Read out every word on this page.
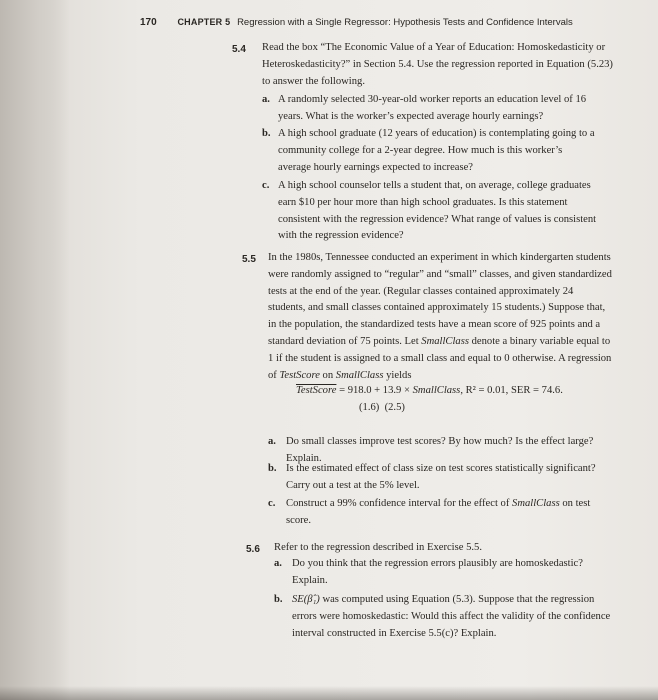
170 CHAPTER 5 Regression with a Single Regressor: Hypothesis Tests and Confidence Intervals
5.4 Read the box “The Economic Value of a Year of Education: Homoskedasticity or Heteroskedasticity?” in Section 5.4. Use the regression reported in Equation (5.23) to answer the following.
a. A randomly selected 30-year-old worker reports an education level of 16 years. What is the worker’s expected average hourly earnings?
b. A high school graduate (12 years of education) is contemplating going to a community college for a 2-year degree. How much is this worker’s average hourly earnings expected to increase?
c. A high school counselor tells a student that, on average, college graduates earn $10 per hour more than high school graduates. Is this statement consistent with the regression evidence? What range of values is consistent with the regression evidence?
5.5 In the 1980s, Tennessee conducted an experiment in which kindergarten students were randomly assigned to “regular” and “small” classes, and given standardized tests at the end of the year. (Regular classes contained approximately 24 students, and small classes contained approximately 15 students.) Suppose that, in the population, the standardized tests have a mean score of 925 points and a standard deviation of 75 points. Let SmallClass denote a binary variable equal to 1 if the student is assigned to a small class and equal to 0 otherwise. A regression of TestScore on SmallClass yields
TestScore = 918.0 + 13.9 × SmallClass, R² = 0.01, SER = 74.6.
(1.6)  (2.5)
a. Do small classes improve test scores? By how much? Is the effect large? Explain.
b. Is the estimated effect of class size on test scores statistically significant? Carry out a test at the 5% level.
c. Construct a 99% confidence interval for the effect of SmallClass on test score.
5.6 Refer to the regression described in Exercise 5.5.
a. Do you think that the regression errors plausibly are homoskedastic? Explain.
b. SE(β̂₁) was computed using Equation (5.3). Suppose that the regression errors were homoskedastic: Would this affect the validity of the confidence interval constructed in Exercise 5.5(c)? Explain.
